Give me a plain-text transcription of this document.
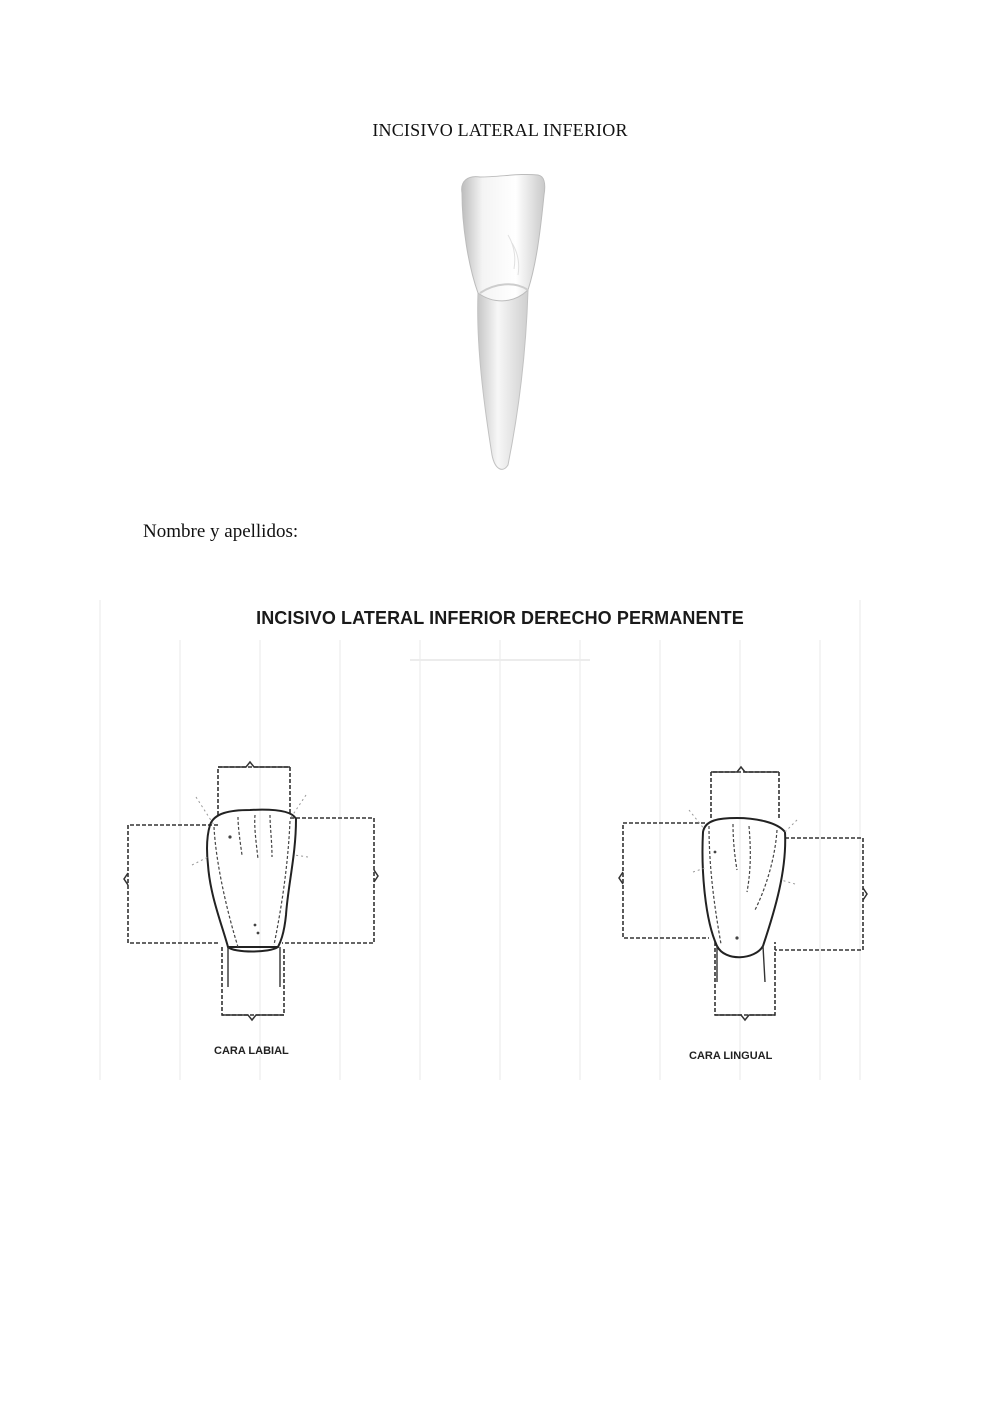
INCISIVO LATERAL INFERIOR
Nombre y apellidos:
INCISIVO LATERAL INFERIOR DERECHO PERMANENTE
CARA LABIAL	CARA LINGUAL
